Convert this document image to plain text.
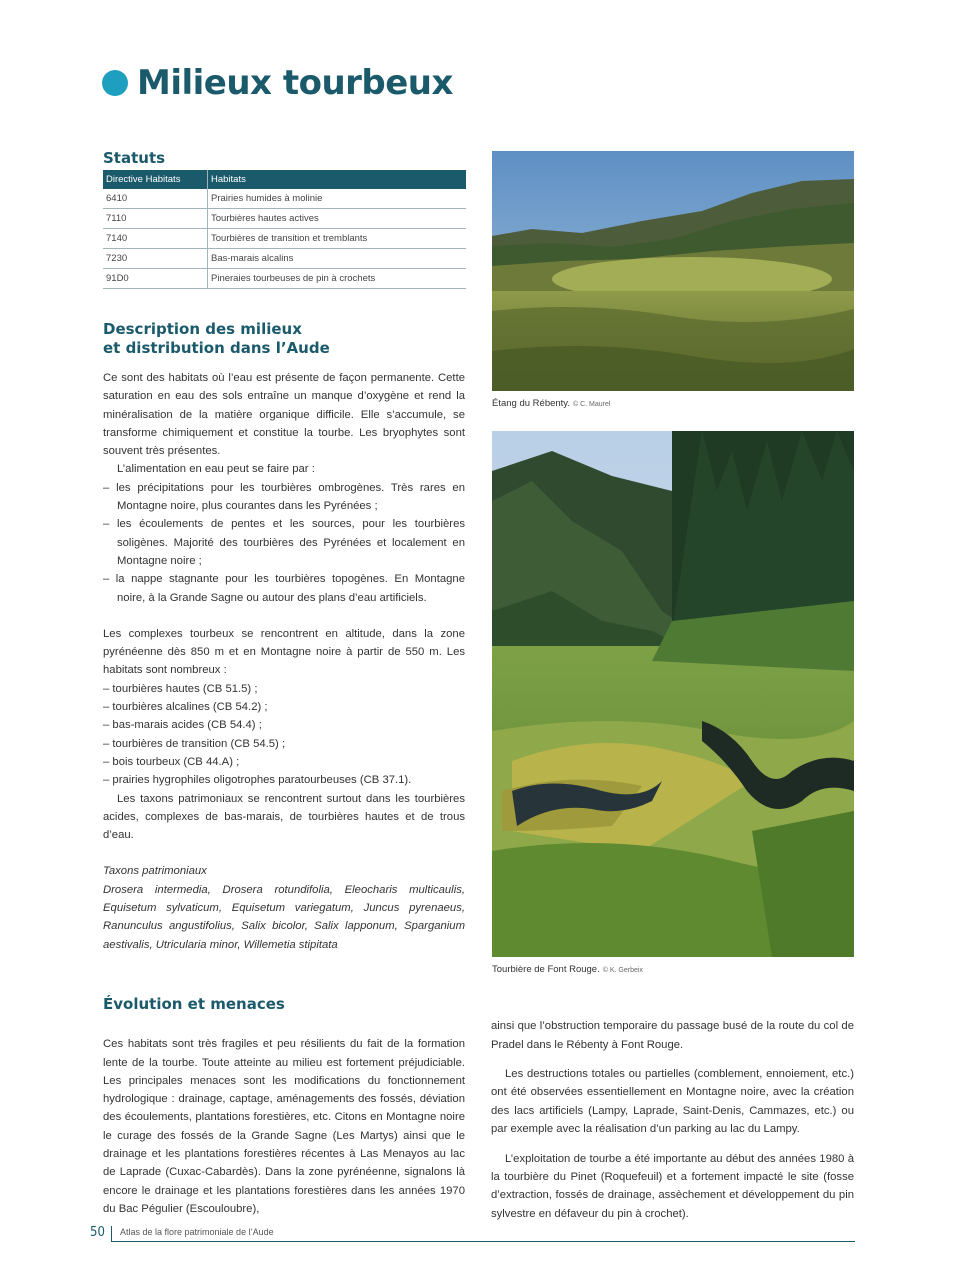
Milieux tourbeux
Statuts
Directive Habitats	Habitats
6410	Prairies humides à molinie
7110	Tourbières hautes actives
7140	Tourbières de transition et tremblants
7230	Bas-marais alcalins
91D0	Pineraies tourbeuses de pin à crochets
Description des milieux
et distribution dans l’Aude

Ce sont des habitats où l’eau est présente de façon permanente. Cette saturation en eau des sols entraîne un manque d’oxygène et rend la minéralisation de la matière organique difficile. Elle s’accumule, se transforme chimiquement et constitue la tourbe. Les bryophytes sont souvent très présentes.

L’alimentation en eau peut se faire par :

– les précipitations pour les tourbières ombrogènes. Très rares en Montagne noire, plus courantes dans les Pyrénées ;
– les écoulements de pentes et les sources, pour les tourbières soligènes. Majorité des tourbières des Pyrénées et localement en Montagne noire ;
– la nappe stagnante pour les tourbières topogènes. En Montagne noire, à la Grande Sagne ou autour des plans d’eau artificiels.

Les complexes tourbeux se rencontrent en altitude, dans la zone pyrénéenne dès 850 m et en Montagne noire à partir de 550 m. Les habitats sont nombreux :

– tourbières hautes (CB 51.5) ;
– tourbières alcalines (CB 54.2) ;
– bas-marais acides (CB 54.4) ;
– tourbières de transition (CB 54.5) ;
– bois tourbeux (CB 44.A) ;
– prairies hygrophiles oligotrophes paratourbeuses (CB 37.1).

Les taxons patrimoniaux se rencontrent surtout dans les tourbières acides, complexes de bas-marais, de tourbières hautes et de trous d’eau.

Taxons patrimoniaux

Drosera intermedia, Drosera rotundifolia, Eleocharis multicaulis, Equisetum sylvaticum, Equisetum variegatum, Juncus pyrenaeus, Ranunculus angustifolius, Salix bicolor, Salix lapponum, Sparganium aestivalis, Utricularia minor, Willemetia stipitata

Évolution et menaces

Ces habitats sont très fragiles et peu résilients du fait de la formation lente de la tourbe. Toute atteinte au milieu est fortement préjudiciable. Les principales menaces sont les modifications du fonctionnement hydrologique : drainage, captage, aménagements des fossés, déviation des écoulements, plantations forestières, etc. Citons en Montagne noire le curage des fossés de la Grande Sagne (Les Martys) ainsi que le drainage et les plantations forestières récentes à Las Menayos au lac de Laprade (Cuxac-Cabardès). Dans la zone pyrénéenne, signalons là encore le drainage et les plantations forestières dans les années 1970 du Bac Pégulier (Escouloubre),

ainsi que l’obstruction temporaire du passage busé de la route du col de Pradel dans le Rébenty à Font Rouge.

Les destructions totales ou partielles (comblement, ennoiement, etc.) ont été observées essentiellement en Montagne noire, avec la création des lacs artificiels (Lampy, Laprade, Saint-Denis, Cammazes, etc.) ou par exemple avec la réalisation d’un parking au lac du Lampy.

L’exploitation de tourbe a été importante au début des années 1980 à la tourbière du Pinet (Roquefeuil) et a fortement impacté le site (fosse d’extraction, fossés de drainage, assèchement et développement du pin sylvestre en défaveur du pin à crochet).

Étang du Rébenty. © C. Maurel
Tourbière de Font Rouge. © K. Gerbeix
50 Atlas de la flore patrimoniale de l’Aude
